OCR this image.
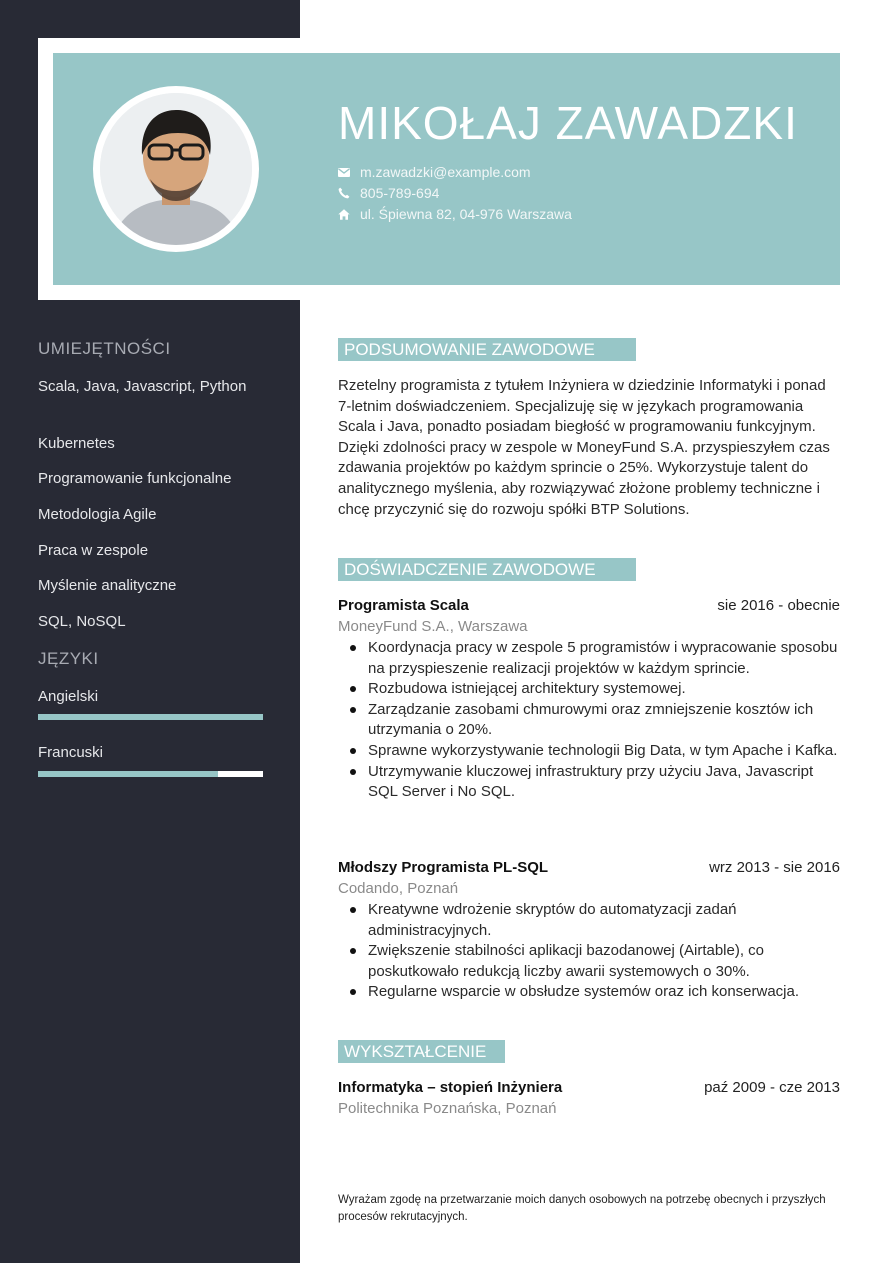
MIKOŁAJ ZAWADZKI
m.zawadzki@example.com
805-789-694
ul. Śpiewna 82, 04-976 Warszawa
UMIEJĘTNOŚCI
Scala, Java, Javascript, Python
Kubernetes
Programowanie funkcjonalne
Metodologia Agile
Praca w zespole
Myślenie analityczne
SQL, NoSQL
JĘZYKI
Angielski
Francuski
PODSUMOWANIE ZAWODOWE
Rzetelny programista z tytułem Inżyniera w dziedzinie Informatyki i ponad 7-letnim doświadczeniem. Specjalizuję się w językach programowania Scala i Java, ponadto posiadam biegłość w programowaniu funkcyjnym. Dzięki zdolności pracy w zespole w MoneyFund S.A. przyspieszyłem czas zdawania projektów po każdym sprincie o 25%. Wykorzystuje talent do analitycznego myślenia, aby rozwiązywać złożone problemy techniczne i chcę przyczynić się do rozwoju spółki BTP Solutions.
DOŚWIADCZENIE ZAWODOWE
Programista Scala	sie 2016 - obecnie
MoneyFund S.A., Warszawa
Koordynacja pracy w zespole 5 programistów i wypracowanie sposobu na przyspieszenie realizacji projektów w każdym sprincie.
Rozbudowa istniejącej architektury systemowej.
Zarządzanie zasobami chmurowymi oraz zmniejszenie kosztów ich utrzymania o 20%.
Sprawne wykorzystywanie technologii Big Data, w tym Apache i Kafka.
Utrzymywanie kluczowej infrastruktury przy użyciu Java, Javascript SQL Server i No SQL.
Młodszy Programista PL-SQL	wrz 2013 - sie 2016
Codando, Poznań
Kreatywne wdrożenie skryptów do automatyzacji zadań administracyjnych.
Zwiększenie stabilności aplikacji bazodanowej (Airtable), co poskutkowało redukcją liczby awarii systemowych o 30%.
Regularne wsparcie w obsłudze systemów oraz ich konserwacja.
WYKSZTAŁCENIE
Informatyka – stopień Inżyniera	paź 2009 - cze 2013
Politechnika Poznańska, Poznań
Wyrażam zgodę na przetwarzanie moich danych osobowych na potrzebę obecnych i przyszłych procesów rekrutacyjnych.
